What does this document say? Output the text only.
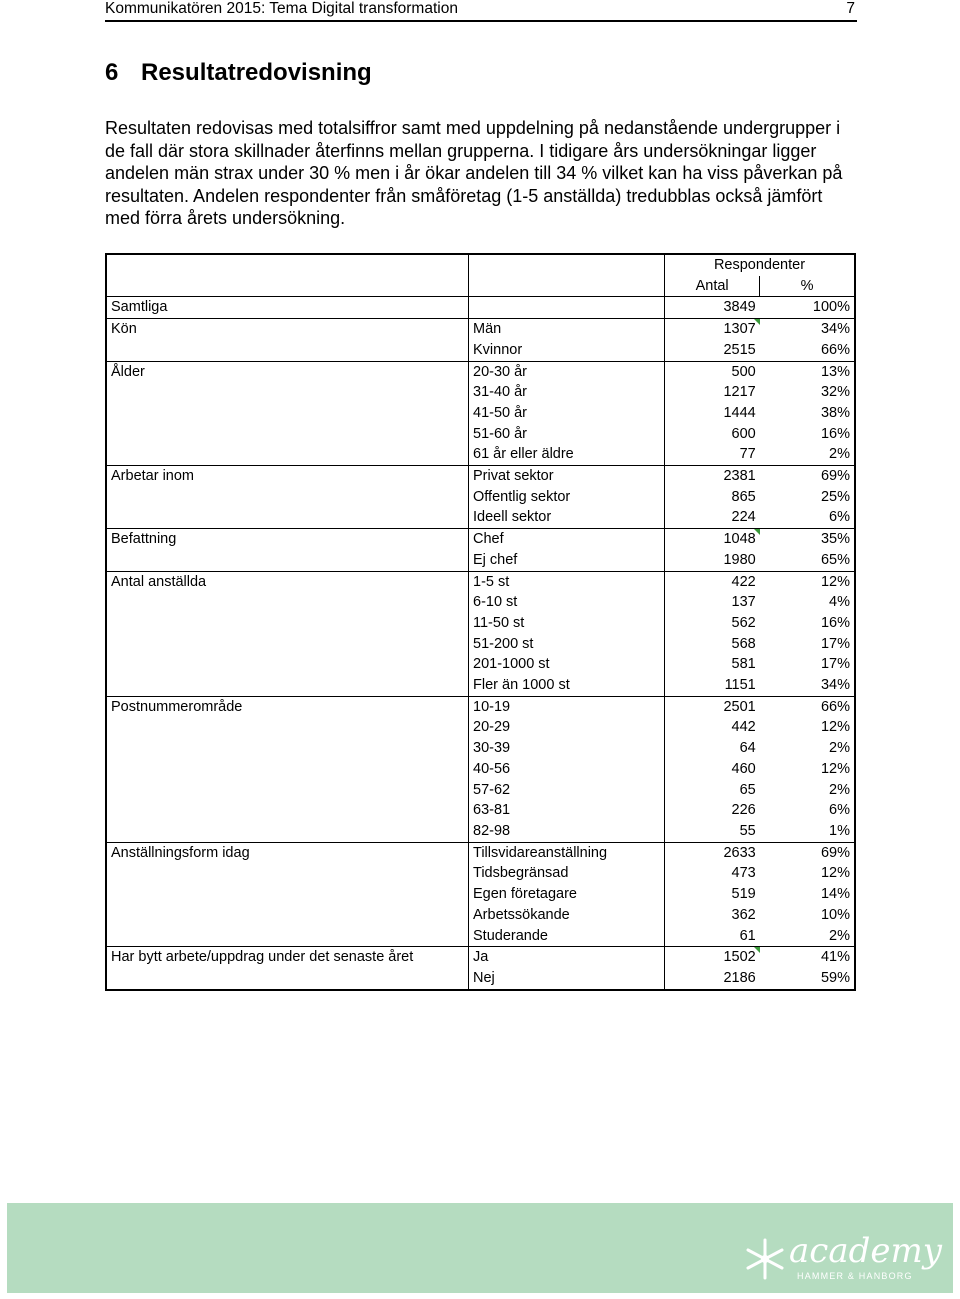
Kommunikatören 2015: Tema Digital transformation	7
6 Resultatredovisning

Resultaten redovisas med totalsiffror samt med uppdelning på nedanstående undergrupper i de fall där stora skillnader återfinns mellan grupperna. I tidigare års undersökningar ligger andelen män strax under 30 % men i år ökar andelen till 34 % vilket kan ha viss påverkan på resultaten. Andelen respondenter från småföretag (1-5 anställda) tredubblas också jämfört med förra årets undersökning.

		Respondenter	
		Antal	%
Samtliga		3849	100%
Kön	Män	1307	34%
	Kvinnor	2515	66%
Ålder	20-30 år	500	13%
	31-40 år	1217	32%
	41-50 år	1444	38%
	51-60 år	600	16%
	61 år eller äldre	77	2%
Arbetar inom	Privat sektor	2381	69%
	Offentlig sektor	865	25%
	Ideell sektor	224	6%
Befattning	Chef	1048	35%
	Ej chef	1980	65%
Antal anställda	1-5 st	422	12%
	6-10 st	137	4%
	11-50 st	562	16%
	51-200 st	568	17%
	201-1000 st	581	17%
	Fler än 1000 st	1151	34%
Postnummerområde	10-19	2501	66%
	20-29	442	12%
	30-39	64	2%
	40-56	460	12%
	57-62	65	2%
	63-81	226	6%
	82-98	55	1%
Anställningsform idag	Tillsvidareanställning	2633	69%
	Tidsbegränsad	473	12%
	Egen företagare	519	14%
	Arbetssökande	362	10%
	Studerande	61	2%
Har bytt arbete/uppdrag under det senaste året	Ja	1502	41%
	Nej	2186	59%
academy
HAMMER & HANBORG
